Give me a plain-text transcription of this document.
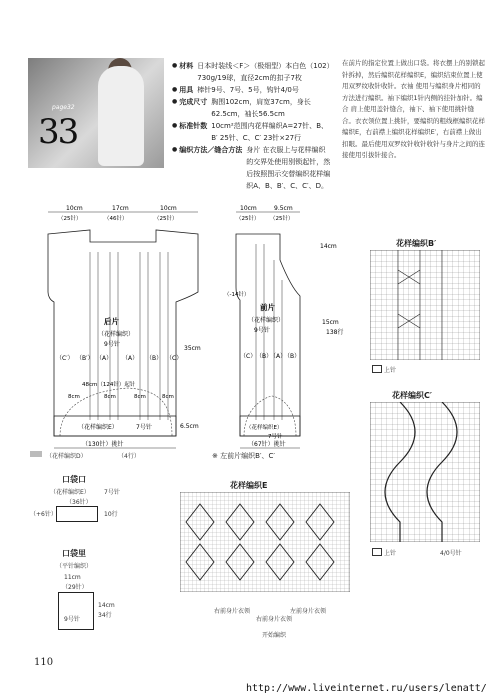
page32
33
● 材料 日本时装线＜F＞（极细型）本白色（102）730g/19球，直径2cm的扣子7枚
● 用具 棒针9号、7号、5号，钩针4/0号
● 完成尺寸 胸围102cm，肩宽37cm，身长62.5cm，袖长56.5cm
● 标准针数 10cm²范围内花样编织A=27针、B、B′ 25针、C、C′ 23针×27行
● 编织方法／缝合方法 身片 在衣服上与花样编织的交界处使用别锁起针，然后按照图示交替编织花样编织A、B、B′、C、C′、D。
在前片的指定位置上做出口袋。将衣摆上的别锁起针拆掉，然后编织花样编织E，编织结束位置上使用双罗纹收针收针。衣袖 使用与编织身片相同的方法进行编织。袖下编织1针内侧的挂针加针。编合 肩上使用盖针缝合，袖下、袖下使用挑针缝合。衣衣领位置上挑针，要编织的粗线框编织花样编织E，右前襟上编织花样编织E′，右前襟上做出扣眼。最后使用双罗纹针收针收针与身片之间的连接使用引拔针接合。
10cm	17cm	10cm
（25针）	（46针）	（25针）
后片
（花样编织）
9号针
（C′） （B′） （A） （A） （B） （C）
48cm（124针）起针
8cm	8cm	8cm	8cm
（花样编织E）	7号针
35cm
6.5cm
（130针）挑针
10cm	9.5cm
（25针） （25针）
前片
（花样编织）
9号针
（C） （B）
（A）
（B）
（花样编织E）
7号针
14cm
（-14针）
15cm
138行
（67针）挑针
※ 左前片编织B′、C′
（花样编织D）	（4行）
口袋口
（花样编织E） 7号针
（36针）
（+6针）	10行
口袋里
（平针编织）
11cm
（29针）
9号针
14cm
34行
花样编织B′
上针
花样编织C′
上针	4/0号针
花样编织E
右前身片衣领
右前身片衣领
左前身片衣领
开始编织
110
http://www.liveinternet.ru/users/lenatt/
